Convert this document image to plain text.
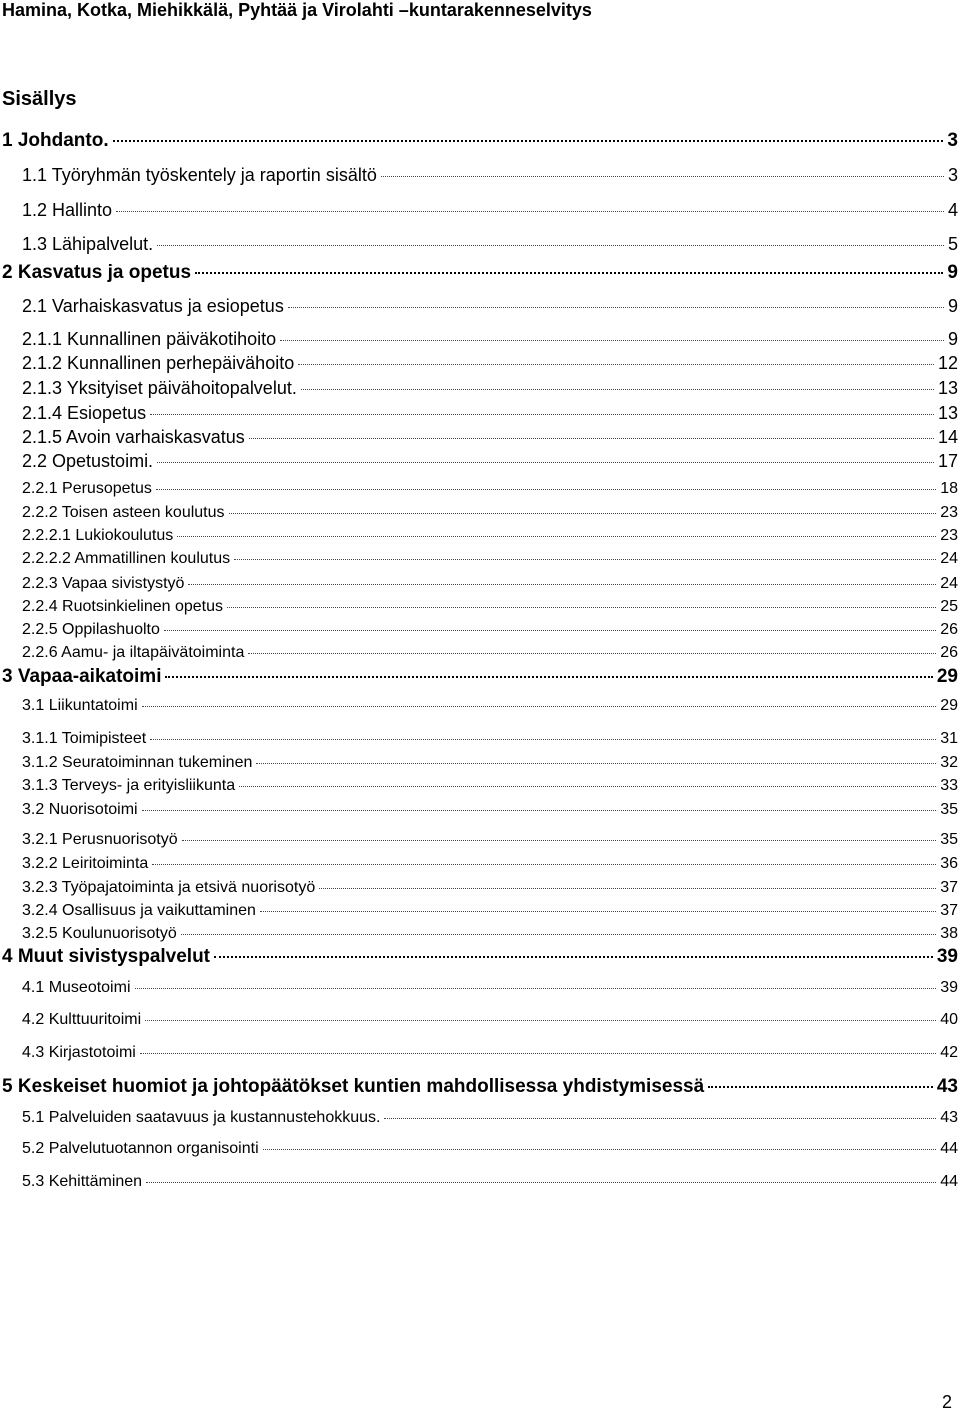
Hamina, Kotka, Miehikkälä, Pyhtää ja Virolahti –kuntarakenneselvitys
Sisällys
1 Johdanto.	3
1.1 Työryhmän työskentely ja raportin sisältö	3
1.2 Hallinto	4
1.3 Lähipalvelut.	5
2 Kasvatus ja opetus	9
2.1 Varhaiskasvatus ja esiopetus	9
2.1.1 Kunnallinen päiväkotihoito	9
2.1.2 Kunnallinen perhepäivähoito	12
2.1.3 Yksityiset päivähoitopalvelut.	13
2.1.4 Esiopetus	13
2.1.5 Avoin varhaiskasvatus	14
2.2 Opetustoimi.	17
2.2.1 Perusopetus	18
2.2.2 Toisen asteen koulutus	23
2.2.2.1 Lukiokoulutus	23
2.2.2.2 Ammatillinen koulutus	24
2.2.3 Vapaa sivistystyö	24
2.2.4 Ruotsinkielinen opetus	25
2.2.5 Oppilashuolto	26
2.2.6 Aamu- ja iltapäivätoiminta	26
3 Vapaa-aikatoimi	29
3.1 Liikuntatoimi	29
3.1.1 Toimipisteet	31
3.1.2 Seuratoiminnan tukeminen	32
3.1.3 Terveys- ja erityisliikunta	33
3.2 Nuorisotoimi	35
3.2.1 Perusnuorisotyö	35
3.2.2 Leiritoiminta	36
3.2.3 Työpajatoiminta ja etsivä nuorisotyö	37
3.2.4 Osallisuus ja vaikuttaminen	37
3.2.5 Koulunuorisotyö	38
4 Muut sivistyspalvelut	39
4.1 Museotoimi	39
4.2 Kulttuuritoimi	40
4.3 Kirjastotoimi	42
5 Keskeiset huomiot ja johtopäätökset kuntien mahdollisessa yhdistymisessä	43
5.1 Palveluiden saatavuus ja kustannustehokkuus.	43
5.2 Palvelutuotannon organisointi	44
5.3 Kehittäminen	44
2
